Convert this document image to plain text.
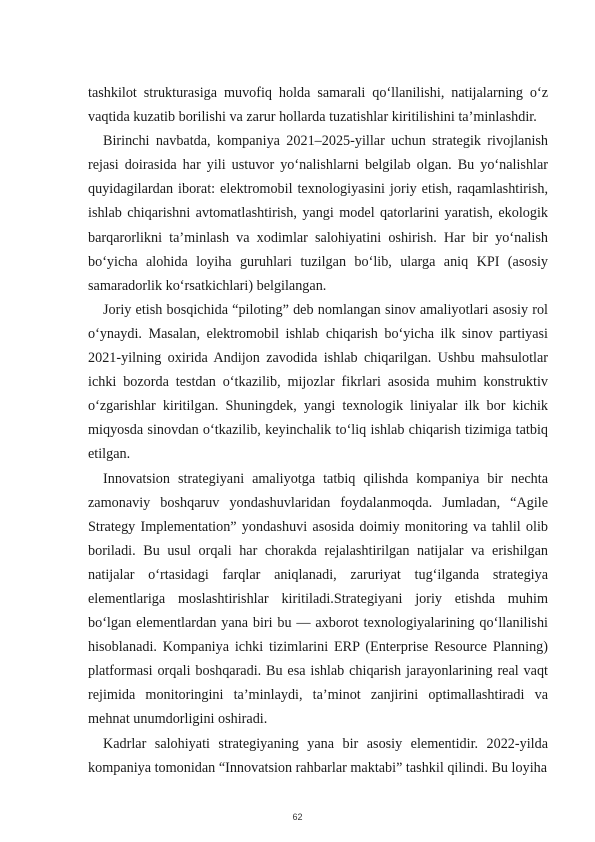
tashkilot strukturasiga muvofiq holda samarali qo‘llanilishi, natijalarning o‘z vaqtida kuzatib borilishi va zarur hollarda tuzatishlar kiritilishini ta’minlashdir.

Birinchi navbatda, kompaniya 2021–2025-yillar uchun strategik rivojlanish rejasi doirasida har yili ustuvor yo‘nalishlarni belgilab olgan. Bu yo‘nalishlar quyidagilardan iborat: elektromobil texnologiyasini joriy etish, raqamlashtirish, ishlab chiqarishni avtomatlashtirish, yangi model qatorlarini yaratish, ekologik barqarorlikni ta’minlash va xodimlar salohiyatini oshirish. Har bir yo‘nalish bo‘yicha alohida loyiha guruhlari tuzilgan bo‘lib, ularga aniq KPI (asosiy samaradorlik ko‘rsatkichlari) belgilangan.

Joriy etish bosqichida “piloting” deb nomlangan sinov amaliyotlari asosiy rol o‘ynaydi. Masalan, elektromobil ishlab chiqarish bo‘yicha ilk sinov partiyasi 2021-yilning oxirida Andijon zavodida ishlab chiqarilgan. Ushbu mahsulotlar ichki bozorda testdan o‘tkazilib, mijozlar fikrlari asosida muhim konstruktiv o‘zgarishlar kiritilgan. Shuningdek, yangi texnologik liniyalar ilk bor kichik miqyosda sinovdan o‘tkazilib, keyinchalik to‘liq ishlab chiqarish tizimiga tatbiq etilgan.

Innovatsion strategiyani amaliyotga tatbiq qilishda kompaniya bir nechta zamonaviy boshqaruv yondashuvlaridan foydalanmoqda. Jumladan, “Agile Strategy Implementation” yondashuvi asosida doimiy monitoring va tahlil olib boriladi. Bu usul orqali har chorakda rejalashtirilgan natijalar va erishilgan natijalar o‘rtasidagi farqlar aniqlanadi, zaruriyat tug‘ilganda strategiya elementlariga moslashtirishlar kiritiladi.Strategiyani joriy etishda muhim bo‘lgan elementlardan yana biri bu — axborot texnologiyalarining qo‘llanilishi hisoblanadi. Kompaniya ichki tizimlarini ERP (Enterprise Resource Planning) platformasi orqali boshqaradi. Bu esa ishlab chiqarish jarayonlarining real vaqt rejimida monitoringini ta’minlaydi, ta’minot zanjirini optimallashtiradi va mehnat unumdorligini oshiradi.

Kadrlar salohiyati strategiyaning yana bir asosiy elementidir. 2022-yilda kompaniya tomonidan “Innovatsion rahbarlar maktabi” tashkil qilindi. Bu loyiha

62
